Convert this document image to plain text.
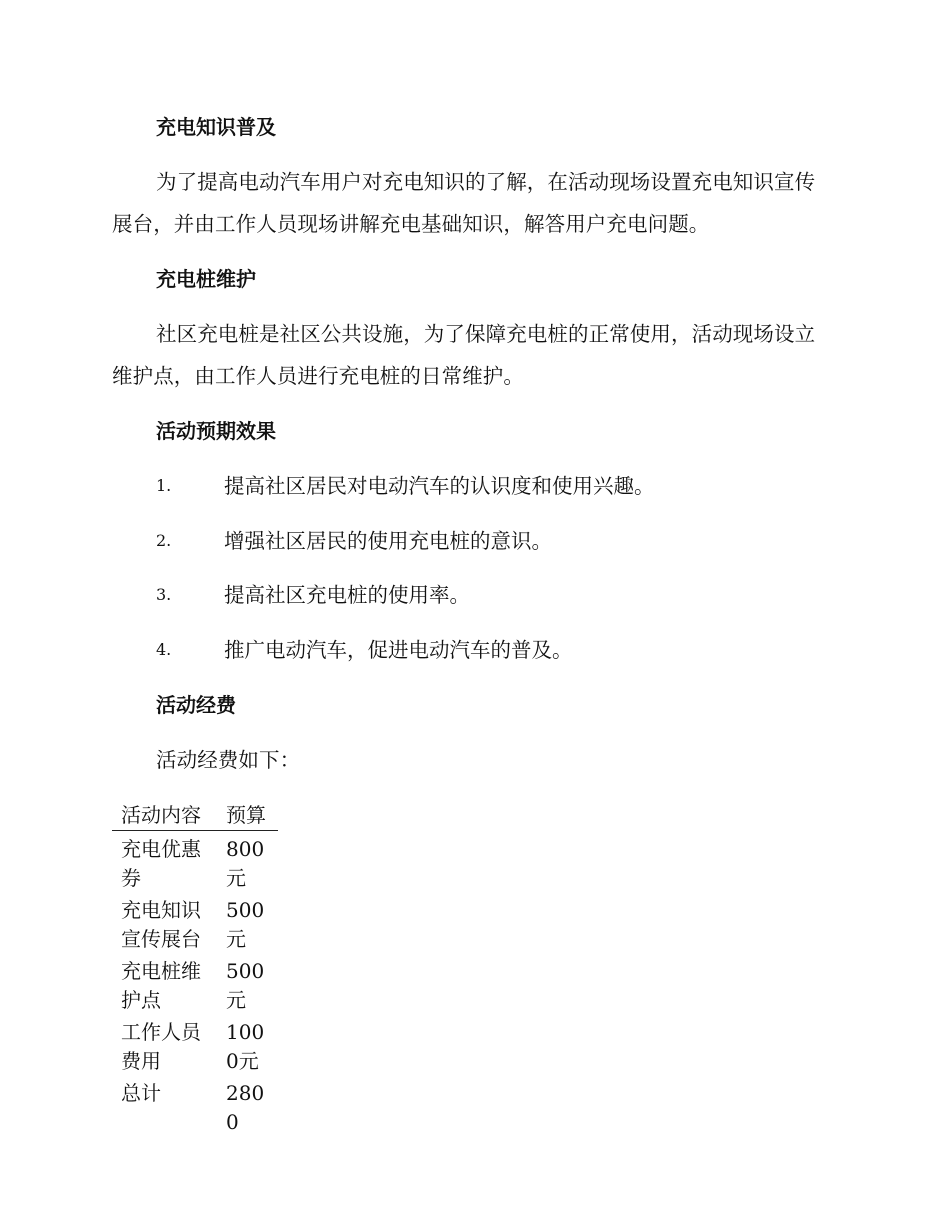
充电知识普及
为了提高电动汽车用户对充电知识的了解，在活动现场设置充电知识宣传展台，并由工作人员现场讲解充电基础知识，解答用户充电问题。
充电桩维护
社区充电桩是社区公共设施，为了保障充电桩的正常使用，活动现场设立维护点，由工作人员进行充电桩的日常维护。
活动预期效果
1.	提高社区居民对电动汽车的认识度和使用兴趣。
2.	增强社区居民的使用充电桩的意识。
3.	提高社区充电桩的使用率。
4.	推广电动汽车，促进电动汽车的普及。
活动经费
活动经费如下：
活动内容	预算

充电优惠券	800元

充电知识宣传展台	500元

充电桩维护点	500元

工作人员费用	1000元

总计	2800
